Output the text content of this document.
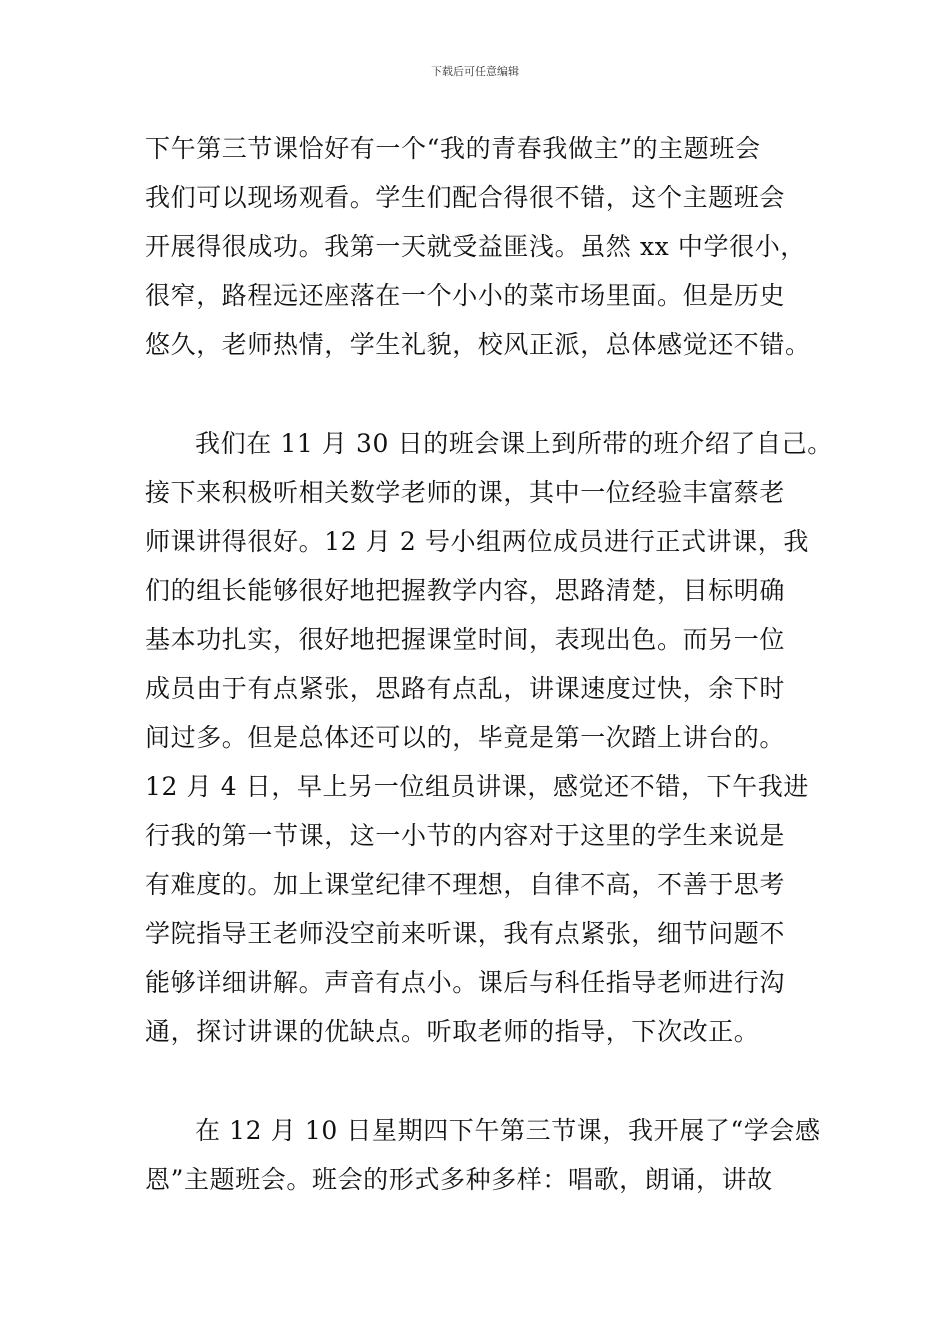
下载后可任意编辑
下午第三节课恰好有一个“我的青春我做主”的主题班会
我们可以现场观看。学生们配合得很不错，这个主题班会
开展得很成功。我第一天就受益匪浅。虽然 xx 中学很小，
很窄，路程远还座落在一个小小的菜市场里面。但是历史
悠久，老师热情，学生礼貌，校风正派，总体感觉还不错。
我们在 11 月 30 日的班会课上到所带的班介绍了自己。
接下来积极听相关数学老师的课，其中一位经验丰富蔡老
师课讲得很好。12 月 2 号小组两位成员进行正式讲课，我
们的组长能够很好地把握教学内容，思路清楚，目标明确
基本功扎实，很好地把握课堂时间，表现出色。而另一位
成员由于有点紧张，思路有点乱，讲课速度过快，余下时
间过多。但是总体还可以的，毕竟是第一次踏上讲台的。
12 月 4 日，早上另一位组员讲课，感觉还不错，下午我进
行我的第一节课，这一小节的内容对于这里的学生来说是
有难度的。加上课堂纪律不理想，自律不高，不善于思考
学院指导王老师没空前来听课，我有点紧张，细节问题不
能够详细讲解。声音有点小。课后与科任指导老师进行沟
通，探讨讲课的优缺点。听取老师的指导，下次改正。
在 12 月 10 日星期四下午第三节课，我开展了“学会感
恩”主题班会。班会的形式多种多样：唱歌，朗诵，讲故
